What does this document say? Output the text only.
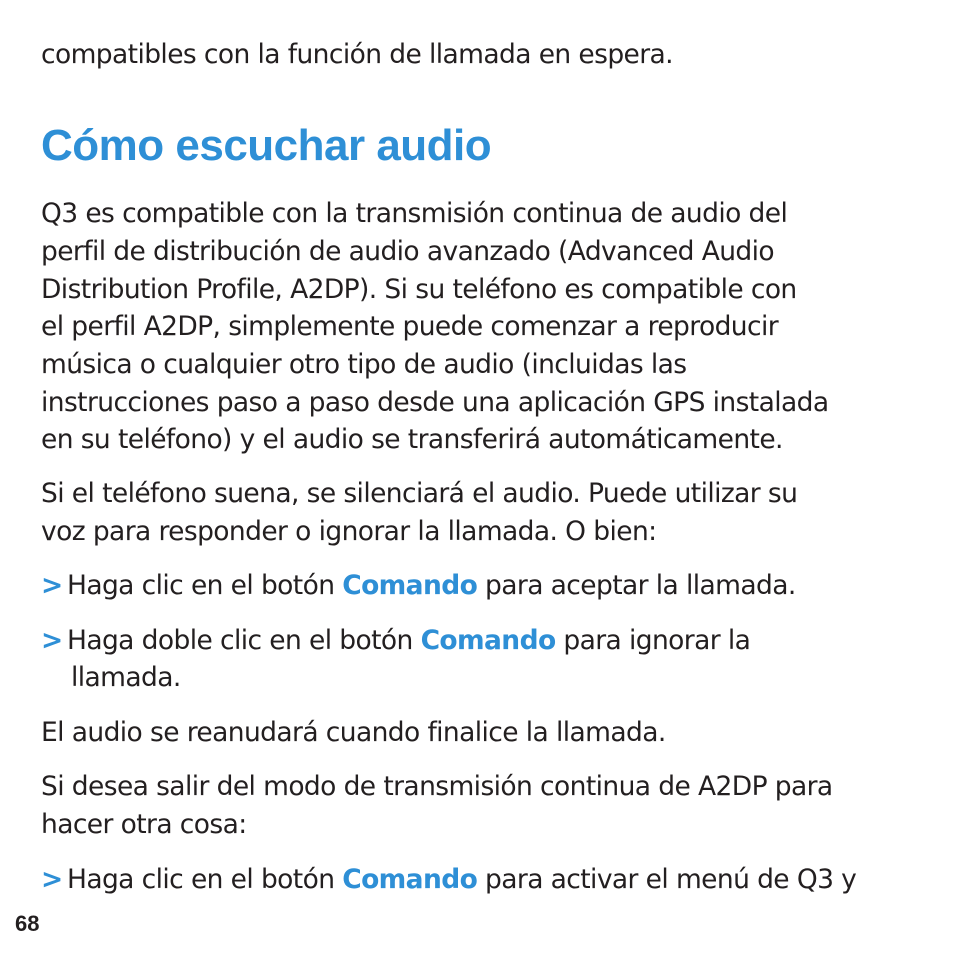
compatibles con la función de llamada en espera.
Cómo escuchar audio
Q3 es compatible con la transmisión continua de audio del
perfil de distribución de audio avanzado (Advanced Audio
Distribution Profile, A2DP). Si su teléfono es compatible con
el perfil A2DP, simplemente puede comenzar a reproducir
música o cualquier otro tipo de audio (incluidas las
instrucciones paso a paso desde una aplicación GPS instalada
en su teléfono) y el audio se transferirá automáticamente.
Si el teléfono suena, se silenciará el audio. Puede utilizar su
voz para responder o ignorar la llamada. O bien:
> Haga clic en el botón Comando para aceptar la llamada.
> Haga doble clic en el botón Comando para ignorar la
llamada.
El audio se reanudará cuando finalice la llamada.
Si desea salir del modo de transmisión continua de A2DP para
hacer otra cosa:
> Haga clic en el botón Comando para activar el menú de Q3 y
68
